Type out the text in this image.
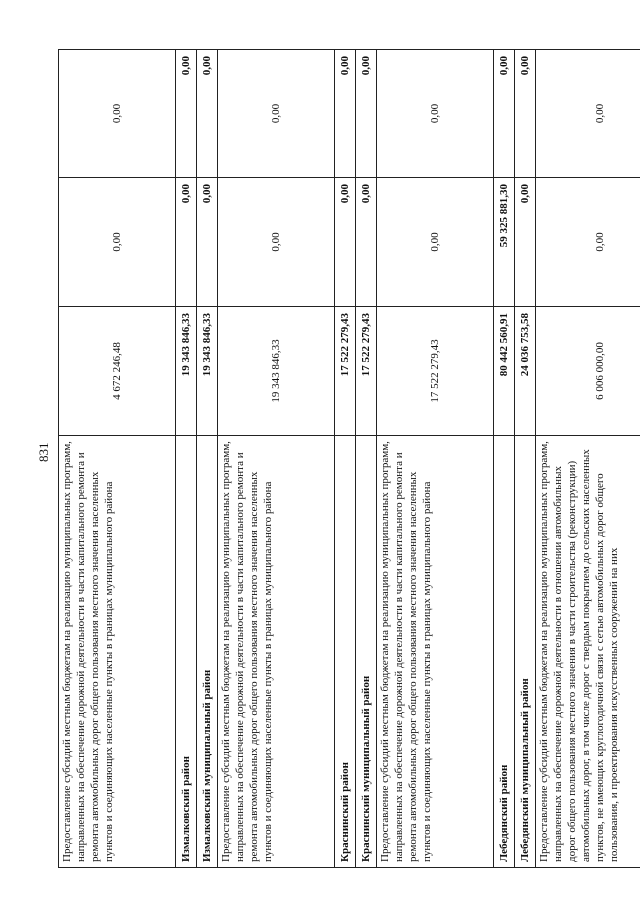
831 Предоставление субсидий местным бюджетам на реализацию муниципальных программ, направленных на обеспечение дорожной деятельности в части капитального ремонта и ремонта автомобильных дорог общего пользования местного значения населенных пунктов и соединяющих населенные пункты в границах муниципального района	4 672 246,48	0,00	0,00
Измалковский район	19 343 846,33	0,00	0,00
Измалковский муниципальный район	19 343 846,33	0,00	0,00
Предоставление субсидий местным бюджетам на реализацию муниципальных программ, направленных на обеспечение дорожной деятельности в части капитального ремонта и ремонта автомобильных дорог общего пользования местного значения населенных пунктов и соединяющих населенные пункты в границах муниципального района	19 343 846,33	0,00	0,00
Краснинский район	17 522 279,43	0,00	0,00
Краснинский муниципальный район	17 522 279,43	0,00	0,00
Предоставление субсидий местным бюджетам на реализацию муниципальных программ, направленных на обеспечение дорожной деятельности в части капитального ремонта и ремонта автомобильных дорог общего пользования местного значения населенных пунктов и соединяющих населенные пункты в границах муниципального района	17 522 279,43	0,00	0,00
Лебедянский район	80 442 560,91	59 325 881,30	0,00
Лебедянский муниципальный район	24 036 753,58	0,00	0,00
Предоставление субсидий местным бюджетам на реализацию муниципальных программ, направленных на обеспечение дорожной деятельности в отношении автомобильных дорог общего пользования местного значения в части строительства (реконструкции) автомобильных дорог, в том числе дорог с твердым покрытием до сельских населенных пунктов, не имеющих круглогодичной связи с сетью автомобильных дорог общего пользования, и проектирования искусственных сооружений на них	6 006 000,00	0,00	0,00
